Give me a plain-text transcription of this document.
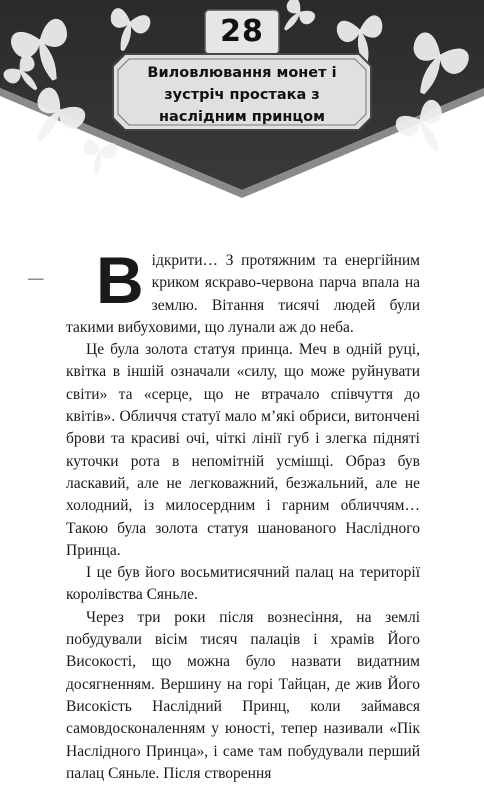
28
Виловлювання монет і зустріч простака з наслідним принцом

В
—
ідкрити… З протяжним та енергійним криком яскраво-червона парча впала на землю. Вітання тисячі людей були такими вибуховими, що лунали аж до неба.

Це була золота статуя принца. Меч в одній руці, квітка в іншій означали «силу, що може руйнувати світи» та «серце, що не втрачало співчуття до квітів». Обличчя статуї мало м’які обриси, витончені брови та красиві очі, чіткі лінії губ і злегка підняті куточки рота в непомітній усмішці. Образ був ласкавий, але не легковажний, безжальний, але не холодний, із милосердним і гарним обличчям… Такою була золота статуя шанованого Наслідного Принца.

І це був його восьмитисячний палац на території королівства Сяньле.

Через три роки після вознесіння, на землі побудували вісім тисяч палаців і храмів Його Високості, що можна було назвати видатним досягненням. Вершину на горі Тайцан, де жив Його Високість Наслідний Принц, коли займався самовдосконаленням у юності, тепер називали «Пік Наслідного Принца», і саме там побудували перший палац Сяньле. Після створення
